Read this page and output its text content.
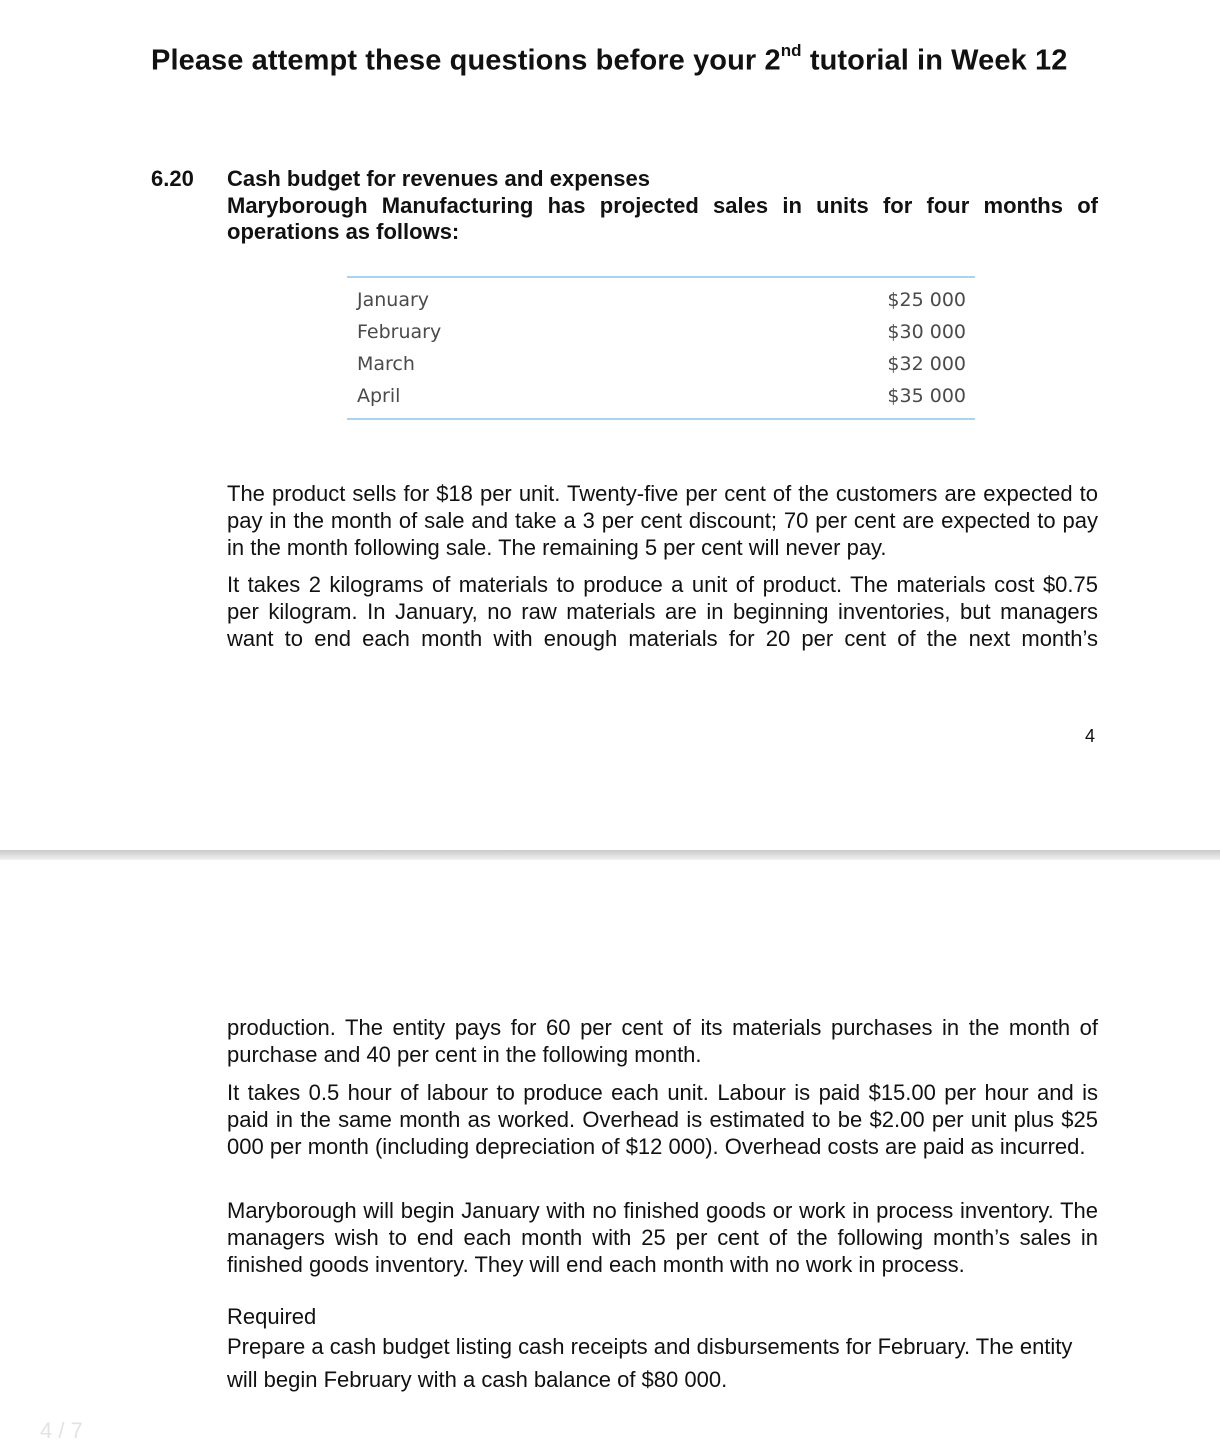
Please attempt these questions before your 2nd tutorial in Week 12
6.20 Cash budget for revenues and expenses
Maryborough Manufacturing has projected sales in units for four months of operations as follows:
January	$25 000
February	$30 000
March	$32 000
April	$35 000
The product sells for $18 per unit. Twenty-five per cent of the customers are expected to pay in the month of sale and take a 3 per cent discount; 70 per cent are expected to pay in the month following sale. The remaining 5 per cent will never pay.
It takes 2 kilograms of materials to produce a unit of product. The materials cost $0.75 per kilogram. In January, no raw materials are in beginning inventories, but managers want to end each month with enough materials for 20 per cent of the next month’s
4
production. The entity pays for 60 per cent of its materials purchases in the month of purchase and 40 per cent in the following month.
It takes 0.5 hour of labour to produce each unit. Labour is paid $15.00 per hour and is paid in the same month as worked. Overhead is estimated to be $2.00 per unit plus $25 000 per month (including depreciation of $12 000). Overhead costs are paid as incurred.
Maryborough will begin January with no finished goods or work in process inventory. The managers wish to end each month with 25 per cent of the following month’s sales in finished goods inventory. They will end each month with no work in process.
Required
Prepare a cash budget listing cash receipts and disbursements for February. The entity will begin February with a cash balance of $80 000.
4 / 7
